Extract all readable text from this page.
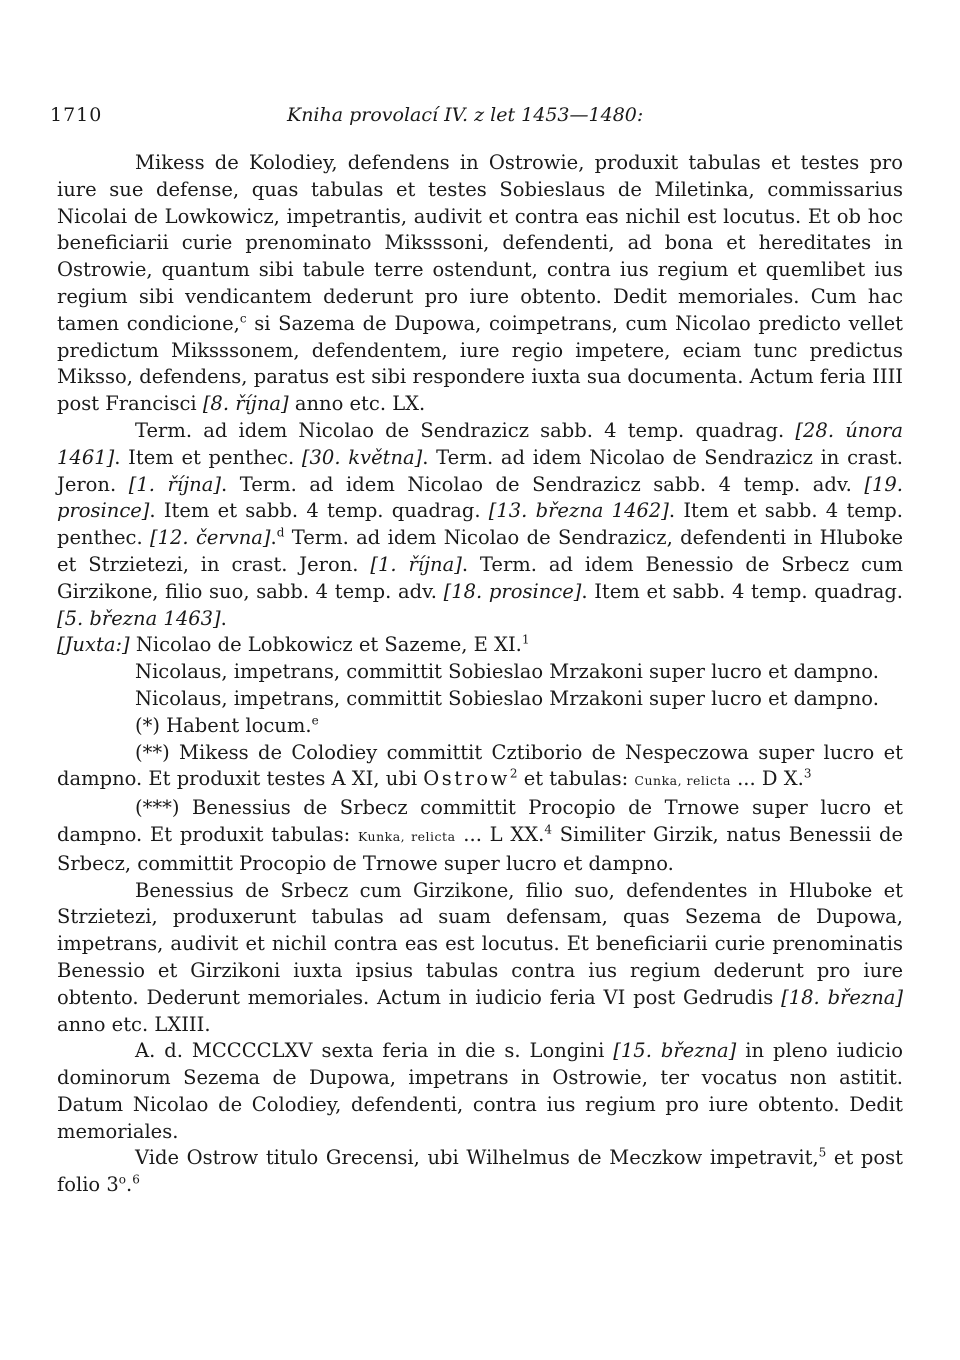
1710	Kniha provolací IV. z let 1453—1480:

Mikess de Kolodiey, defendens in Ostrowie, produxit tabulas et testes pro iure sue defense, quas tabulas et testes Sobieslaus de Miletinka, commissarius Nicolai de Lowkowicz, impetrantis, audivit et contra eas nichil est locutus. Et ob hoc beneficiarii curie prenominato Miksssoni, defendenti, ad bona et hereditates in Ostrowie, quantum sibi tabule terre ostendunt, contra ius regium et quemlibet ius regium sibi vendicantem dederunt pro iure obtento. Dedit memoriales. Cum hac tamen condicione,$^c$ si Sazema de Dupowa, coimpetrans, cum Nicolao predicto vellet predictum Miksssonem, defendentem, iure regio impetere, eciam tunc predictus Miksso, defendens, paratus est sibi respondere iuxta sua documenta. Actum feria IIII post Francisci [8. října] anno etc. LX.

Term. ad idem Nicolao de Sendrazicz sabb. 4 temp. quadrag. [28. února 1461]. Item et penthec. [30. května]. Term. ad idem Nicolao de Sendrazicz in crast. Jeron. [1. října]. Term. ad idem Nicolao de Sendrazicz sabb. 4 temp. adv. [19. prosince]. Item et sabb. 4 temp. quadrag. [13. března 1462]. Item et sabb. 4 temp. penthec. [12. června].$^d$ Term. ad idem Nicolao de Sendrazicz, defendenti in Hluboke et Strzietezi, in crast. Jeron. [1. října]. Term. ad idem Benessio de Srbecz cum Girzikone, filio suo, sabb. 4 temp. adv. [18. prosince]. Item et sabb. 4 temp. quadrag. [5. března 1463].

[Juxta:] Nicolao de Lobkowicz et Sazeme, E XI.$^1$

Nicolaus, impetrans, committit Sobieslao Mrzakoni super lucro et dampno.

Nicolaus, impetrans, committit Sobieslao Mrzakoni super lucro et dampno.

(*) Habent locum.$^e$

(**) Mikess de Colodiey committit Cztiborio de Nespeczowa super lucro et dampno. Et produxit testes A XI, ubi Ostrow$^2$ et tabulas: Cunka, relicta ... D X.$^3$

(***) Benessius de Srbecz committit Procopio de Trnowe super lucro et dampno. Et produxit tabulas: Kunka, relicta ... L XX.$^4$ Similiter Girzik, natus Benessii de Srbecz, committit Procopio de Trnowe super lucro et dampno.

Benessius de Srbecz cum Girzikone, filio suo, defendentes in Hluboke et Strzietezi, produxerunt tabulas ad suam defensam, quas Sezema de Dupowa, impetrans, audivit et nichil contra eas est locutus. Et beneficiarii curie prenominatis Benessio et Girzikoni iuxta ipsius tabulas contra ius regium dederunt pro iure obtento. Dederunt memoriales. Actum in iudicio feria VI post Gedrudis [18. března] anno etc. LXIII.

A. d. MCCCCLXV sexta feria in die s. Longini [15. března] in pleno iudicio dominorum Sezema de Dupowa, impetrans in Ostrowie, ter vocatus non astitit. Datum Nicolao de Colodiey, defendenti, contra ius regium pro iure obtento. Dedit memoriales.

Vide Ostrow titulo Grecensi, ubi Wilhelmus de Meczkow impetravit,$^5$ et post folio 3$^o$.$^6$
